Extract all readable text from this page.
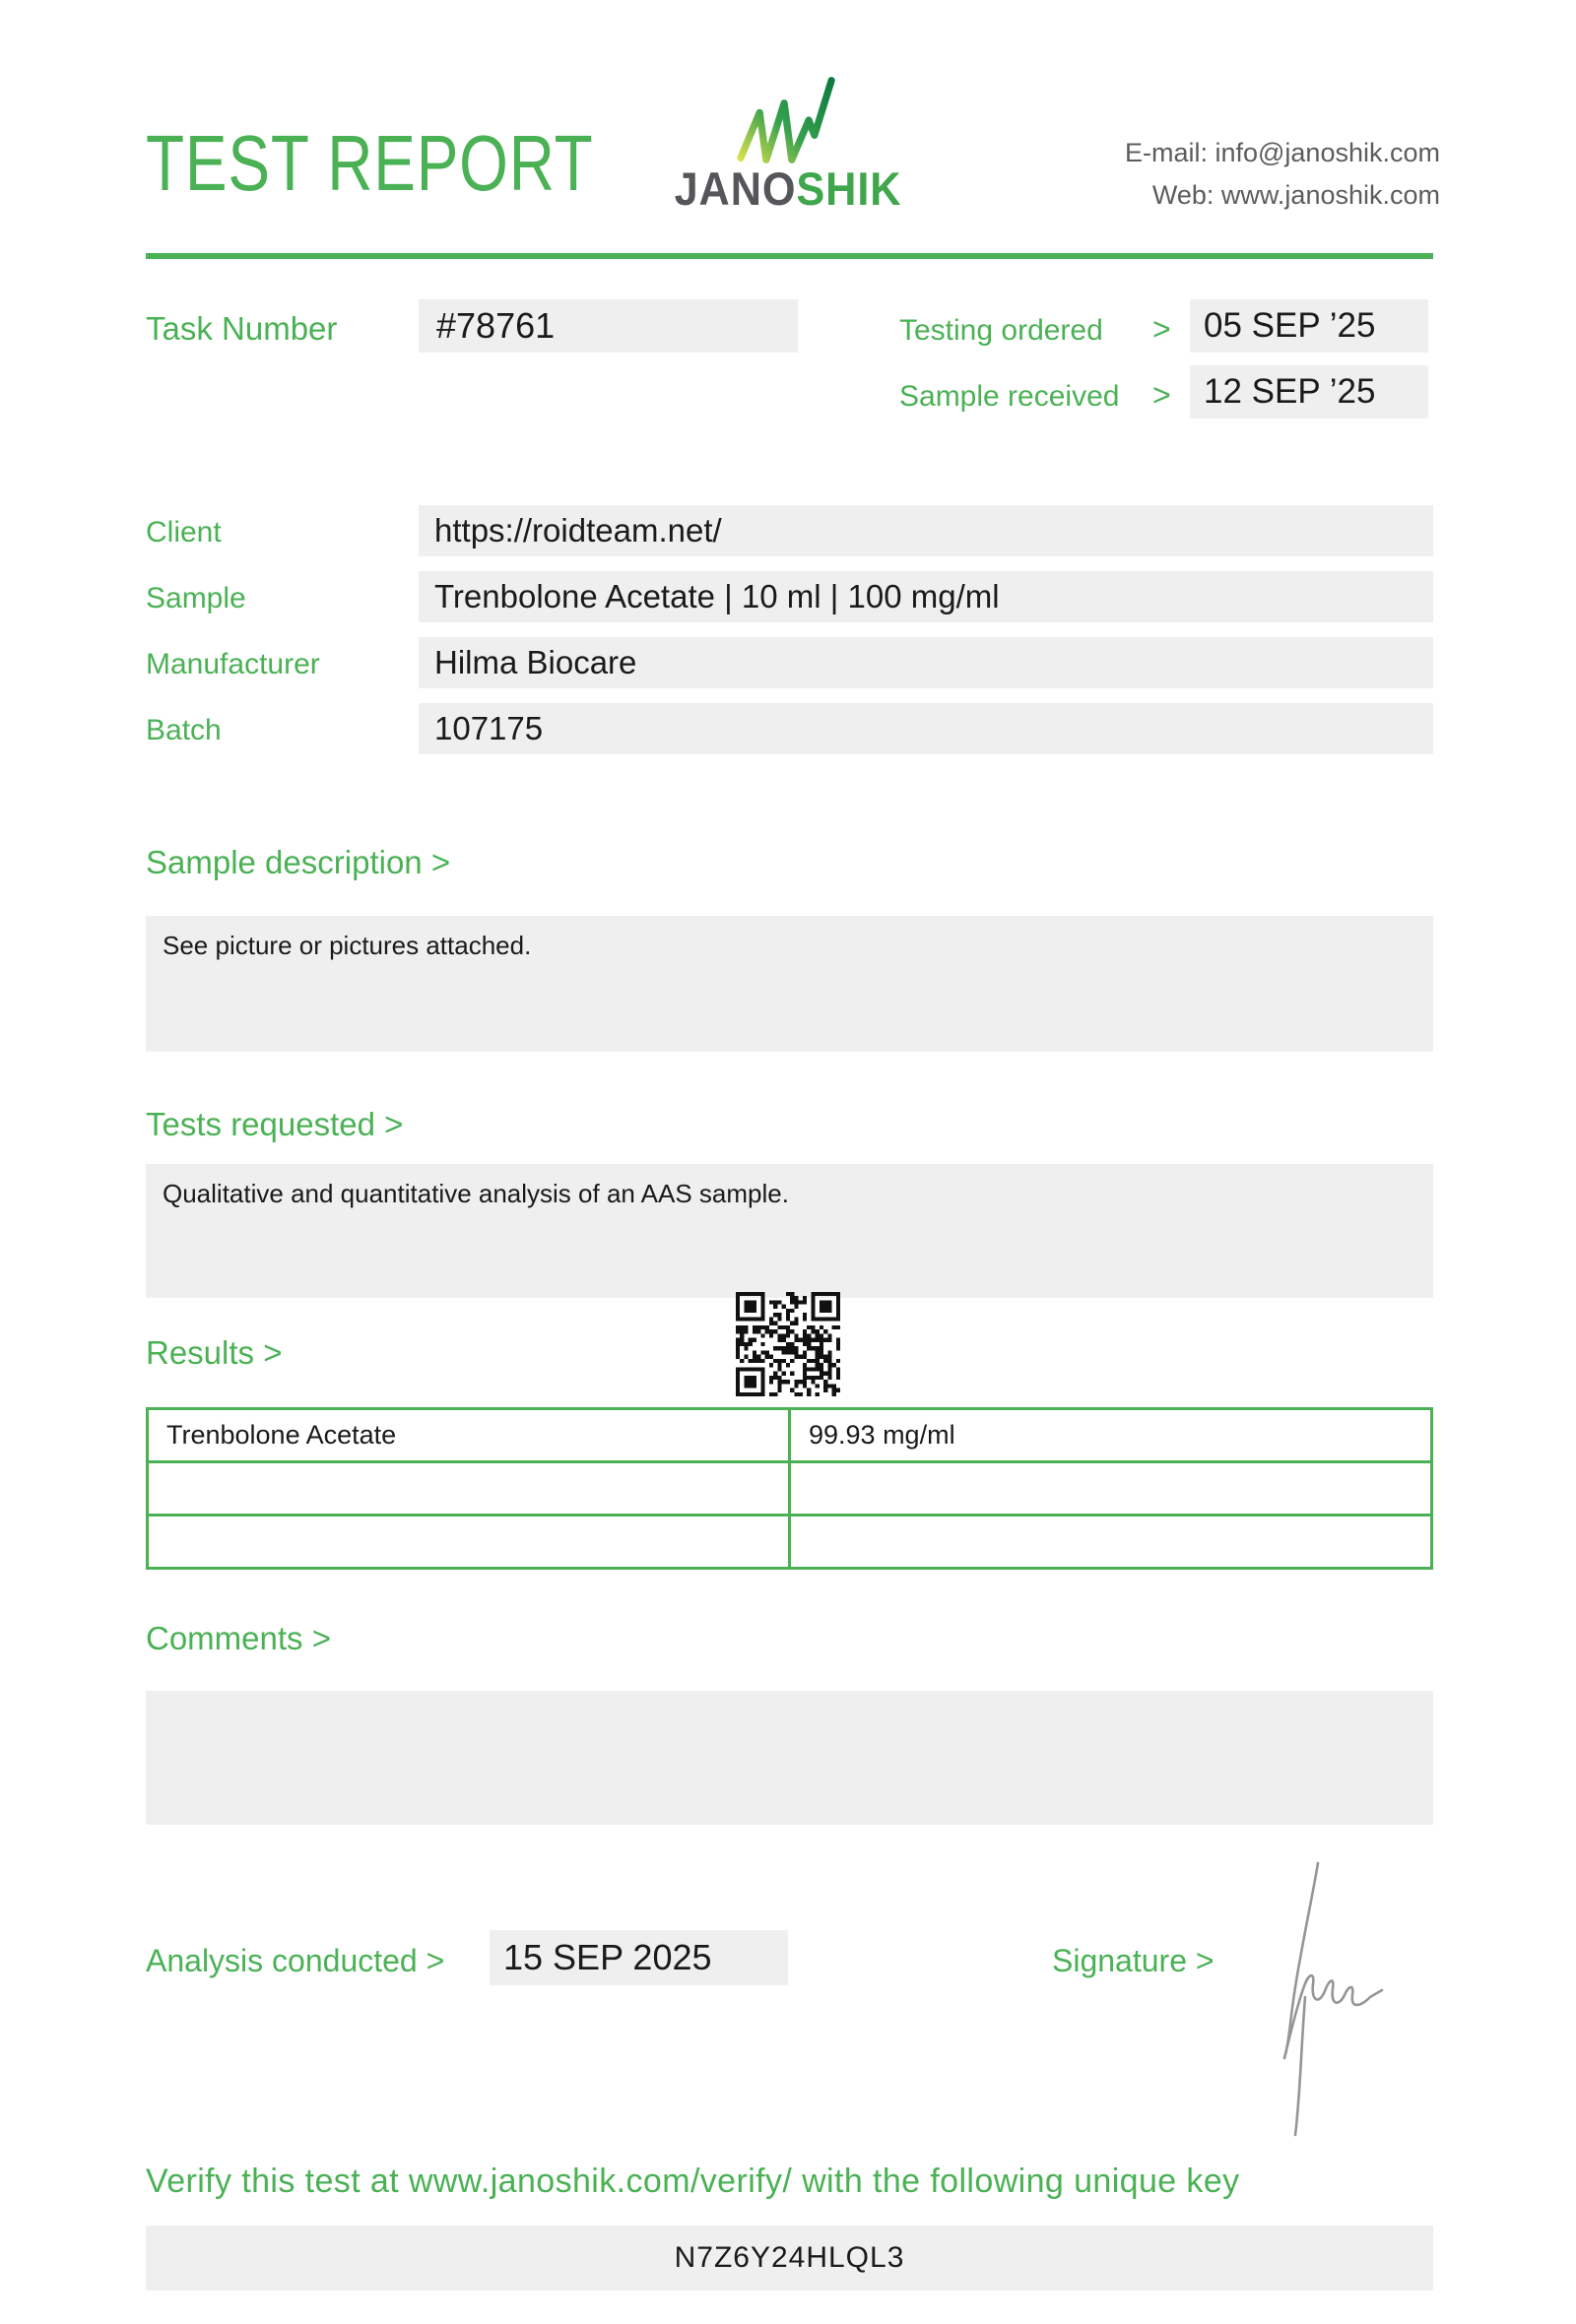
TEST REPORT JANOSHIK
E-mail: info@janoshik.com
Web: www.janoshik.com
Task Number	#78761	Testing ordered > 05 SEP ’25
Sample received > 12 SEP ’25
Client	https://roidteam.net/
Sample	Trenbolone Acetate | 10 ml | 100 mg/ml
Manufacturer	Hilma Biocare
Batch	107175
Sample description >
See picture or pictures attached.
Tests requested >
Qualitative and quantitative analysis of an AAS sample.
Results >
Trenbolone Acetate	99.93 mg/ml

Comments >
Analysis conducted >	15 SEP 2025	Signature >
Verify this test at www.janoshik.com/verify/ with the following unique key
N7Z6Y24HLQL3
